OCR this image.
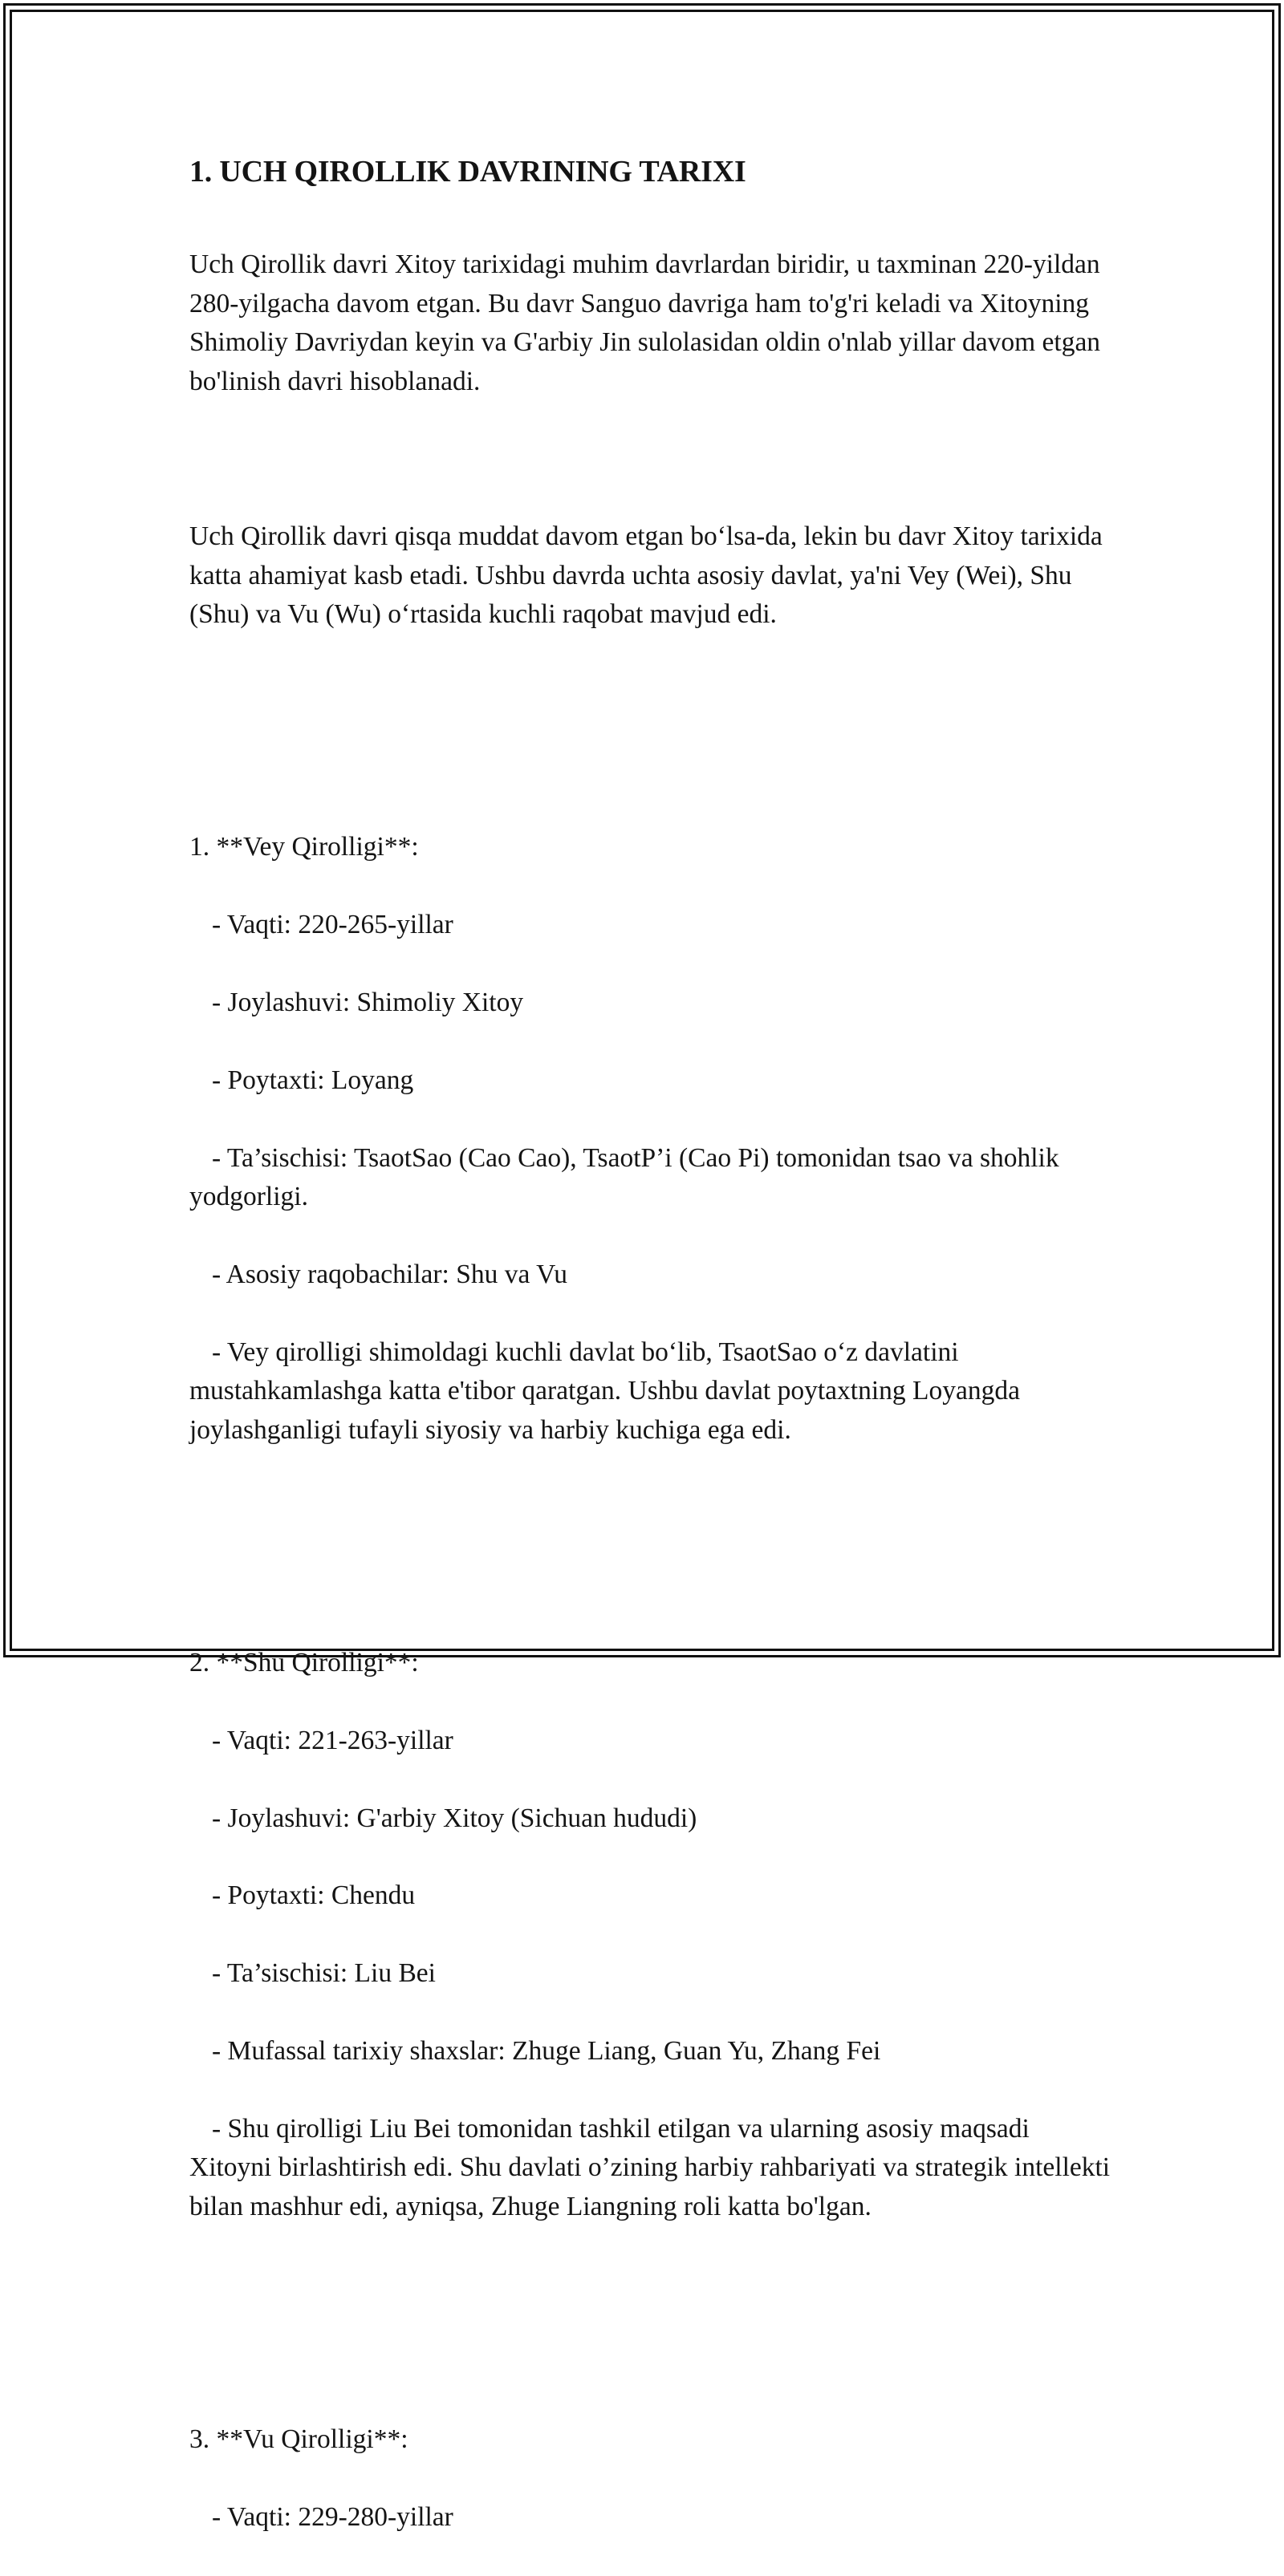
1. UCH QIROLLIK DAVRINING TARIXI

Uch Qirollik davri Xitoy tarixidagi muhim davrlardan biridir, u taxminan 220-yildan 280-yilgacha davom etgan. Bu davr Sanguo davriga ham to'g'ri keladi va Xitoyning Shimoliy Davriydan keyin va G'arbiy Jin sulolasidan oldin o'nlab yillar davom etgan bo'linish davri hisoblanadi.

Uch Qirollik davri qisqa muddat davom etgan bo‘lsa-da, lekin bu davr Xitoy tarixida katta ahamiyat kasb etadi. Ushbu davrda uchta asosiy davlat, ya'ni Vey (Wei), Shu (Shu) va Vu (Wu) o‘rtasida kuchli raqobat mavjud edi.

1. **Vey Qirolligi**:

- Vaqti: 220-265-yillar

- Joylashuvi: Shimoliy Xitoy

- Poytaxti: Loyang

- Ta’sischisi: TsaotSao (Cao Cao), TsaotP’i (Cao Pi) tomonidan tsao va shohlik yodgorligi.

- Asosiy raqobachilar: Shu va Vu

- Vey qirolligi shimoldagi kuchli davlat bo‘lib, TsaotSao o‘z davlatini mustahkamlashga katta e'tibor qaratgan. Ushbu davlat poytaxtning Loyangda joylashganligi tufayli siyosiy va harbiy kuchiga ega edi.

2. **Shu Qirolligi**:

- Vaqti: 221-263-yillar

- Joylashuvi: G'arbiy Xitoy (Sichuan hududi)

- Poytaxti: Chendu

- Ta’sischisi: Liu Bei

- Mufassal tarixiy shaxslar: Zhuge Liang, Guan Yu, Zhang Fei

- Shu qirolligi Liu Bei tomonidan tashkil etilgan va ularning asosiy maqsadi Xitoyni birlashtirish edi. Shu davlati o’zining harbiy rahbariyati va strategik intellekti bilan mashhur edi, ayniqsa, Zhuge Liangning roli katta bo'lgan.

3. **Vu Qirolligi**:

- Vaqti: 229-280-yillar
